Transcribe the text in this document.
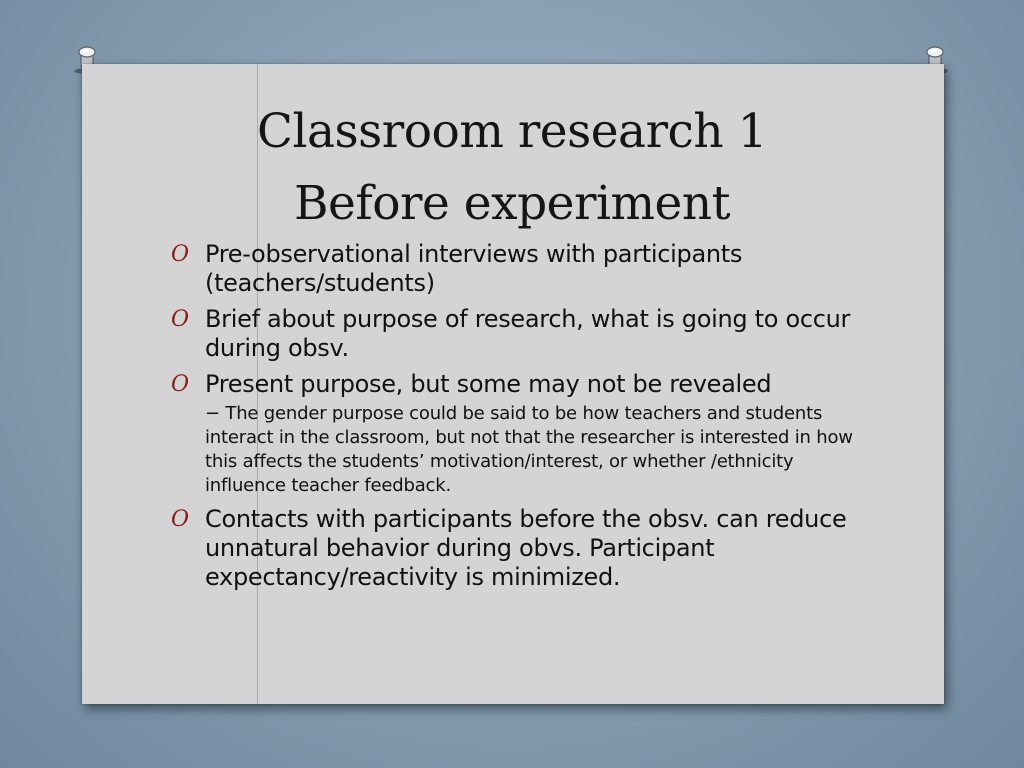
Classroom research 1
Before experiment
O Pre-observational interviews with participants (teachers/students)
O Brief about purpose of research, what is going to occur during obsv.
O Present purpose, but some may not be revealed
− The gender purpose could be said to be how teachers and students interact in the classroom, but not that the researcher is interested in how this affects the students’ motivation/interest, or whether /ethnicity influence teacher feedback.
O Contacts with participants before the obsv. can reduce unnatural behavior during obvs. Participant expectancy/reactivity is minimized.
